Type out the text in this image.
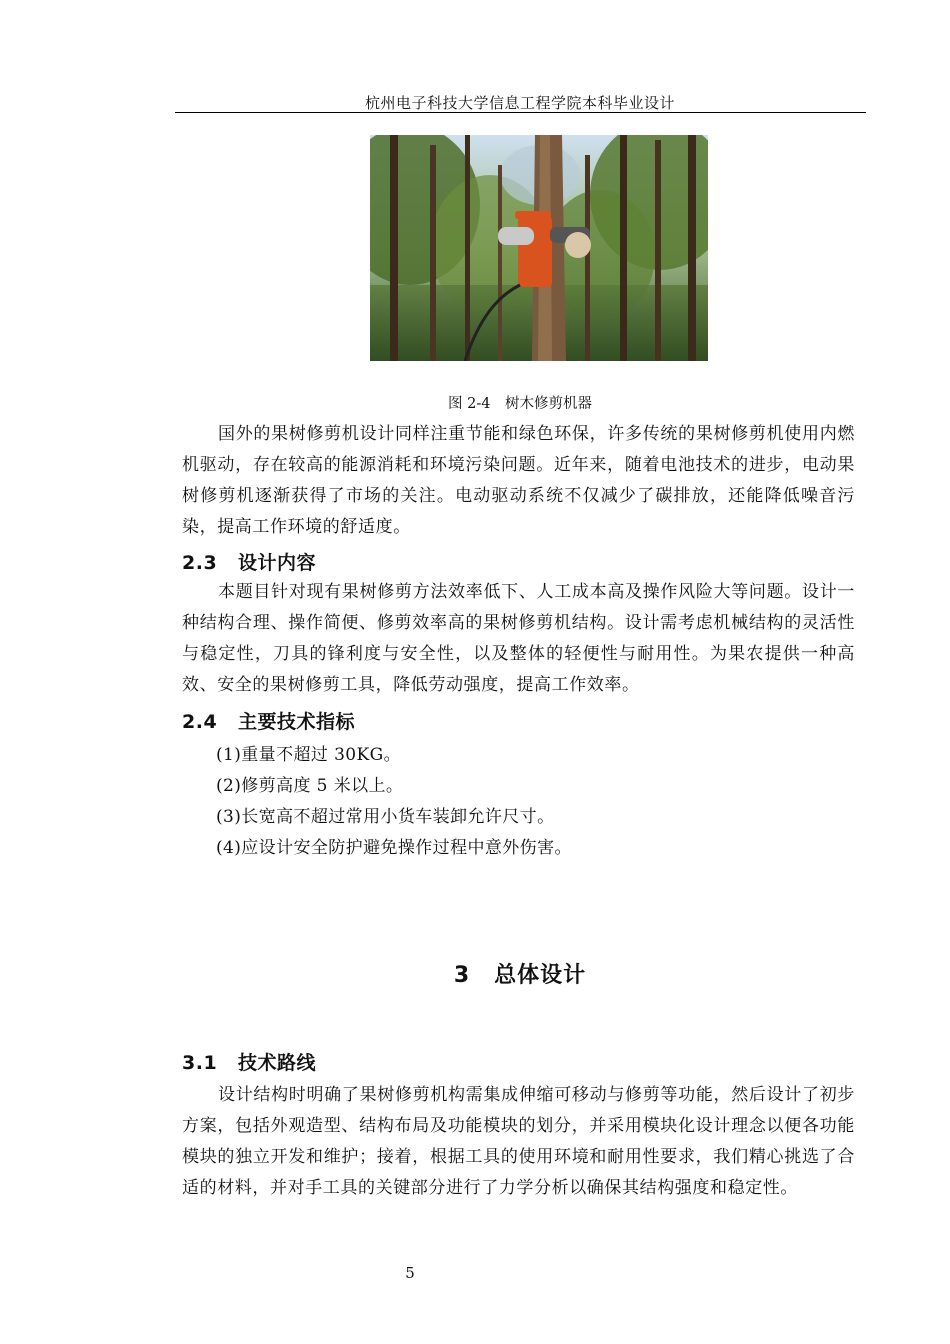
杭州电子科技大学信息工程学院本科毕业设计
图 2-4　树木修剪机器

国外的果树修剪机设计同样注重节能和绿色环保，许多传统的果树修剪机使用内燃机驱动，存在较高的能源消耗和环境污染问题。近年来，随着电池技术的进步，电动果树修剪机逐渐获得了市场的关注。电动驱动系统不仅减少了碳排放，还能降低噪音污染，提高工作环境的舒适度。

2.3 设计内容

本题目针对现有果树修剪方法效率低下、人工成本高及操作风险大等问题。设计一种结构合理、操作简便、修剪效率高的果树修剪机结构。设计需考虑机械结构的灵活性与稳定性，刀具的锋利度与安全性，以及整体的轻便性与耐用性。为果农提供一种高效、安全的果树修剪工具，降低劳动强度，提高工作效率。

2.4 主要技术指标

(1)重量不超过 30KG。

(2)修剪高度 5 米以上。

(3)长宽高不超过常用小货车装卸允许尺寸。

(4)应设计安全防护避免操作过程中意外伤害。

3 总体设计
3.1 技术路线

设计结构时明确了果树修剪机构需集成伸缩可移动与修剪等功能，然后设计了初步方案，包括外观造型、结构布局及功能模块的划分，并采用模块化设计理念以便各功能模块的独立开发和维护；接着，根据工具的使用环境和耐用性要求，我们精心挑选了合适的材料，并对手工具的关键部分进行了力学分析以确保其结构强度和稳定性。

5
